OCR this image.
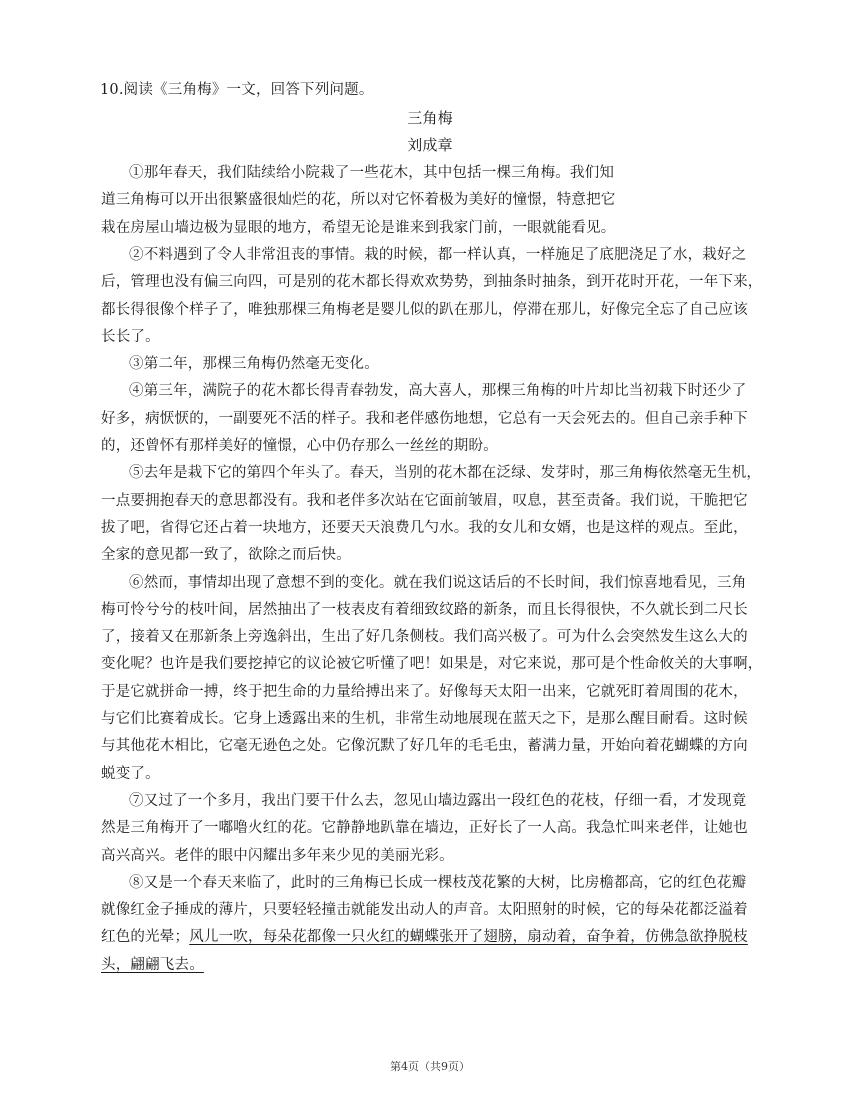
10.阅读《三角梅》一文，回答下列问题。
三角梅
刘成章
①那年春天，我们陆续给小院栽了一些花木，其中包括一棵三角梅。我们知
道三角梅可以开出很繁盛很灿烂的花，所以对它怀着极为美好的憧憬，特意把它
栽在房屋山墙边极为显眼的地方，希望无论是谁来到我家门前，一眼就能看见。
②不料遇到了令人非常沮丧的事情。栽的时候，都一样认真，一样施足了底肥浇足了水，栽好之
后，管理也没有偏三向四，可是别的花木都长得欢欢势势，到抽条时抽条，到开花时开花，一年下来，
都长得很像个样子了，唯独那棵三角梅老是婴儿似的趴在那儿，停滞在那儿，好像完全忘了自己应该
长长了。
③第二年，那棵三角梅仍然毫无变化。
④第三年，满院子的花木都长得青春勃发，高大喜人，那棵三角梅的叶片却比当初栽下时还少了
好多，病恹恹的，一副要死不活的样子。我和老伴感伤地想，它总有一天会死去的。但自己亲手种下
的，还曾怀有那样美好的憧憬，心中仍存那么一丝丝的期盼。
⑤去年是栽下它的第四个年头了。春天，当别的花木都在泛绿、发芽时，那三角梅依然毫无生机，
一点要拥抱春天的意思都没有。我和老伴多次站在它面前皱眉，叹息，甚至责备。我们说，干脆把它
拔了吧，省得它还占着一块地方，还要天天浪费几勺水。我的女儿和女婿，也是这样的观点。至此，
全家的意见都一致了，欲除之而后快。
⑥然而，事情却出现了意想不到的变化。就在我们说这话后的不长时间，我们惊喜地看见，三角
梅可怜兮兮的枝叶间，居然抽出了一枝表皮有着细致纹路的新条，而且长得很快，不久就长到二尺长
了，接着又在那新条上旁逸斜出，生出了好几条侧枝。我们高兴极了。可为什么会突然发生这么大的
变化呢？也许是我们要挖掉它的议论被它听懂了吧！如果是，对它来说，那可是个性命攸关的大事啊，
于是它就拼命一搏，终于把生命的力量给搏出来了。好像每天太阳一出来，它就死盯着周围的花木，
与它们比赛着成长。它身上透露出来的生机，非常生动地展现在蓝天之下，是那么醒目耐看。这时候
与其他花木相比，它毫无逊色之处。它像沉默了好几年的毛毛虫，蓄满力量，开始向着花蝴蝶的方向
蜕变了。
⑦又过了一个多月，我出门要干什么去，忽见山墙边露出一段红色的花枝，仔细一看，才发现竟
然是三角梅开了一嘟噜火红的花。它静静地趴靠在墙边，正好长了一人高。我急忙叫来老伴，让她也
高兴高兴。老伴的眼中闪耀出多年来少见的美丽光彩。
⑧又是一个春天来临了，此时的三角梅已长成一棵枝茂花繁的大树，比房檐都高，它的红色花瓣
就像红金子捶成的薄片，只要轻轻撞击就能发出动人的声音。太阳照射的时候，它的每朵花都泛溢着
红色的光晕；风儿一吹，每朵花都像一只火红的蝴蝶张开了翅膀，扇动着，奋争着，仿佛急欲挣脱枝
头，翩翩飞去。
第4页（共9页）
